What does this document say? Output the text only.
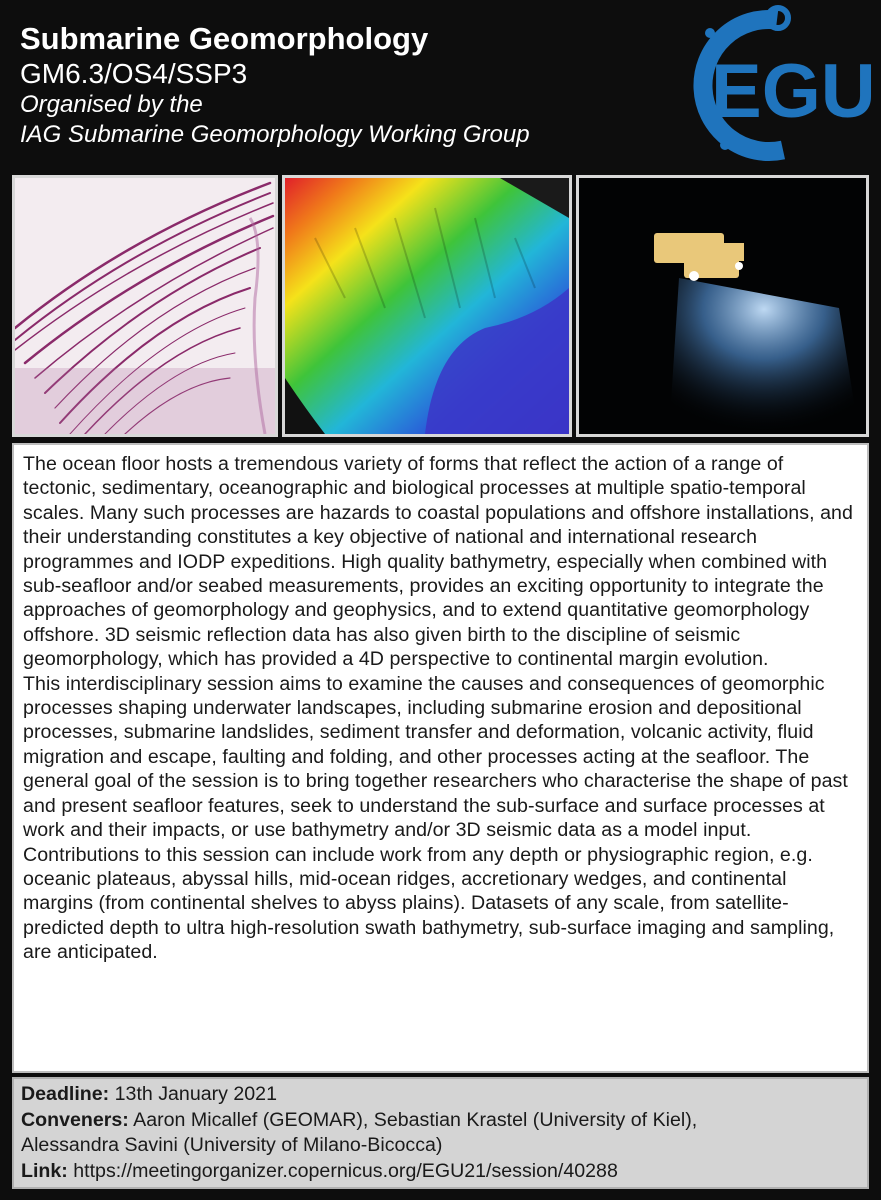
Submarine Geomorphology
GM6.3/OS4/SSP3
Organised by the
IAG Submarine Geomorphology Working Group
EGU

The ocean floor hosts a tremendous variety of forms that reflect the action of a range of tectonic, sedimentary, oceanographic and biological processes at multiple spatio-temporal scales. Many such processes are hazards to coastal populations and offshore installations, and their understanding constitutes a key objective of national and international research programmes and IODP expeditions. High quality bathymetry, especially when combined with sub-seafloor and/or seabed measurements, provides an exciting opportunity to integrate the approaches of geomorphology and geophysics, and to extend quantitative geomorphology offshore. 3D seismic reflection data has also given birth to the discipline of seismic geomorphology, which has provided a 4D perspective to continental margin evolution.

This interdisciplinary session aims to examine the causes and consequences of geomorphic processes shaping underwater landscapes, including submarine erosion and depositional processes, submarine landslides, sediment transfer and deformation, volcanic activity, fluid migration and escape, faulting and folding, and other processes acting at the seafloor. The general goal of the session is to bring together researchers who characterise the shape of past and present seafloor features, seek to understand the sub-surface and surface processes at work and their impacts, or use bathymetry and/or 3D seismic data as a model input. Contributions to this session can include work from any depth or physiographic region, e.g. oceanic plateaus, abyssal hills, mid-ocean ridges, accretionary wedges, and continental margins (from continental shelves to abyss plains). Datasets of any scale, from satellite-predicted depth to ultra high-resolution swath bathymetry, sub-surface imaging and sampling, are anticipated.

Deadline: 13th January 2021
Conveners: Aaron Micallef (GEOMAR), Sebastian Krastel (University of Kiel),
Alessandra Savini (University of Milano-Bicocca)
Link: https://meetingorganizer.copernicus.org/EGU21/session/40288
